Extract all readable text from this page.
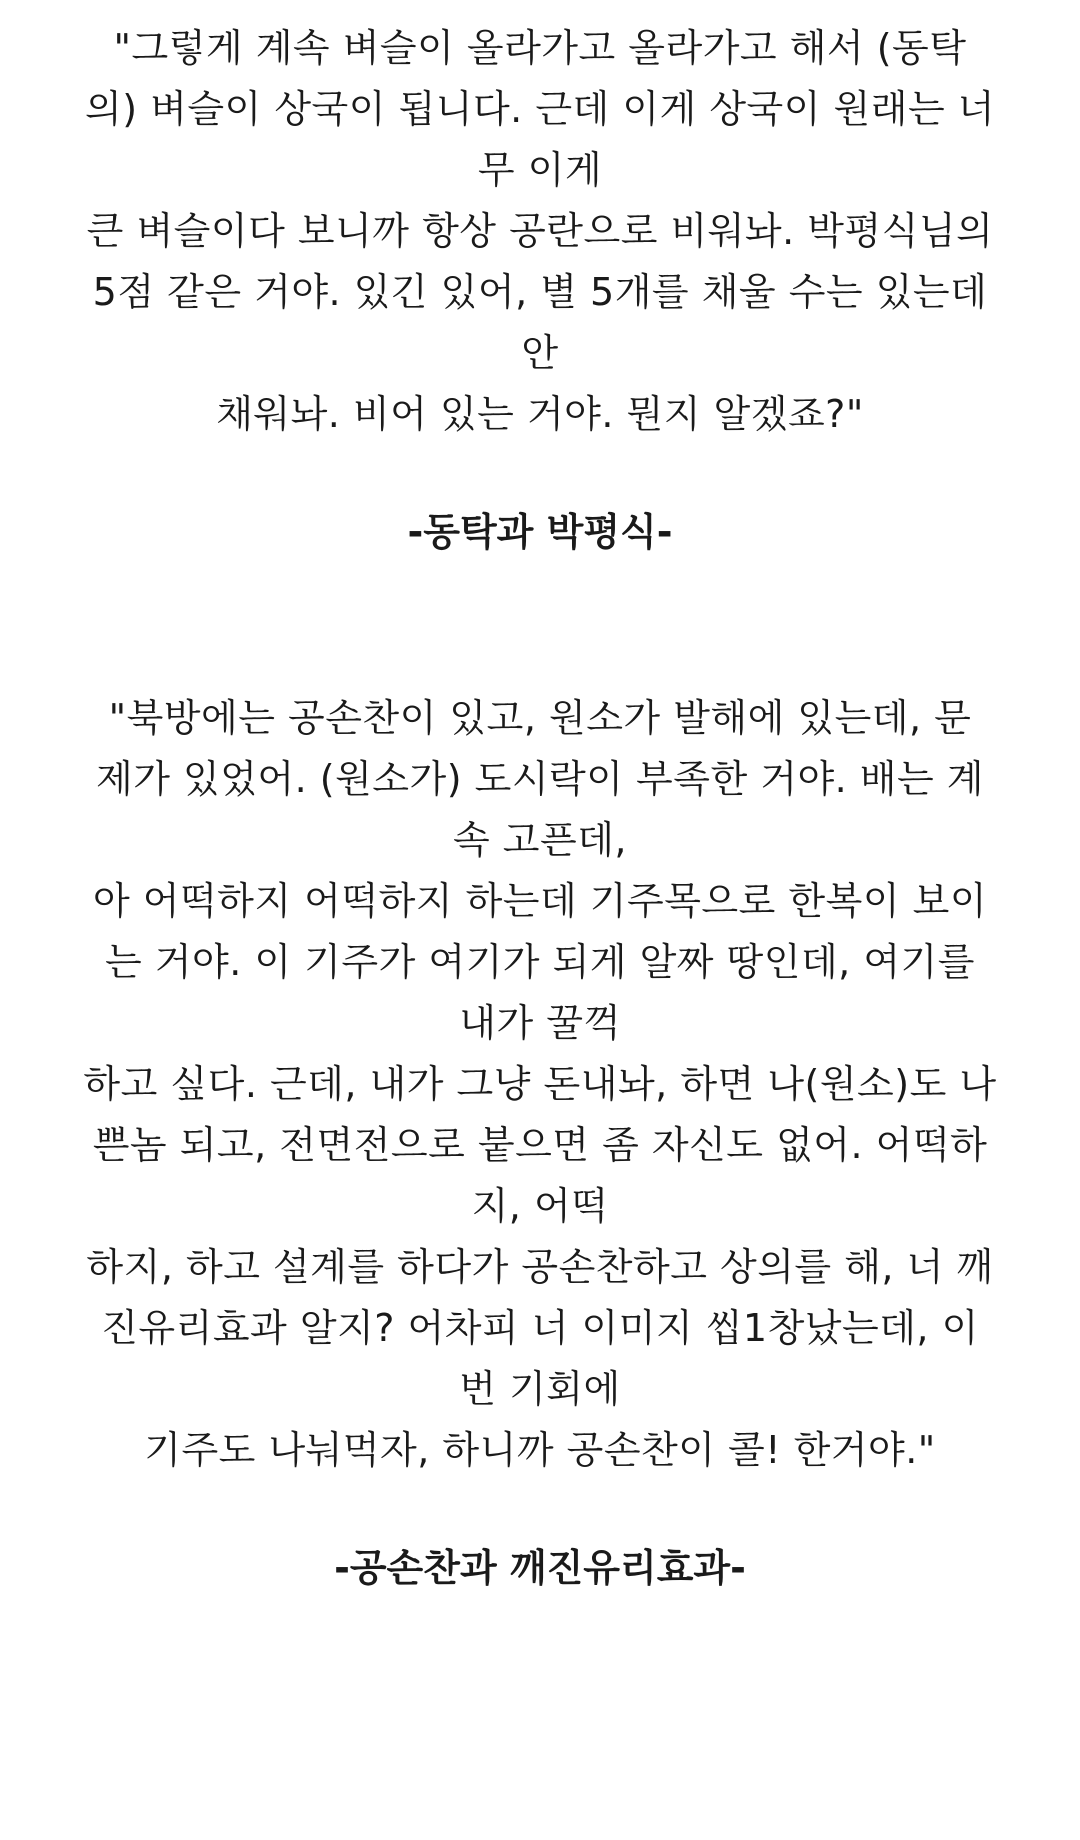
"그렇게 계속 벼슬이 올라가고 올라가고 해서 (동탁
의) 벼슬이 상국이 됩니다. 근데 이게 상국이 원래는 너
무 이게
큰 벼슬이다 보니까 항상 공란으로 비워놔. 박평식님의
5점 같은 거야. 있긴 있어, 별 5개를 채울 수는 있는데
안
채워놔. 비어 있는 거야. 뭔지 알겠죠?"

-동탁과 박평식-

"북방에는 공손찬이 있고, 원소가 발해에 있는데, 문
제가 있었어. (원소가) 도시락이 부족한 거야. 배는 계
속 고픈데,
아 어떡하지 어떡하지 하는데 기주목으로 한복이 보이
는 거야. 이 기주가 여기가 되게 알짜 땅인데, 여기를
내가 꿀꺽
하고 싶다. 근데, 내가 그냥 돈내놔, 하면 나(원소)도 나
쁜놈 되고, 전면전으로 붙으면 좀 자신도 없어. 어떡하
지, 어떡
하지, 하고 설계를 하다가 공손찬하고 상의를 해, 너 깨
진유리효과 알지? 어차피 너 이미지 씹1창났는데, 이
번 기회에
기주도 나눠먹자, 하니까 공손찬이 콜! 한거야."

-공손찬과 깨진유리효과-
